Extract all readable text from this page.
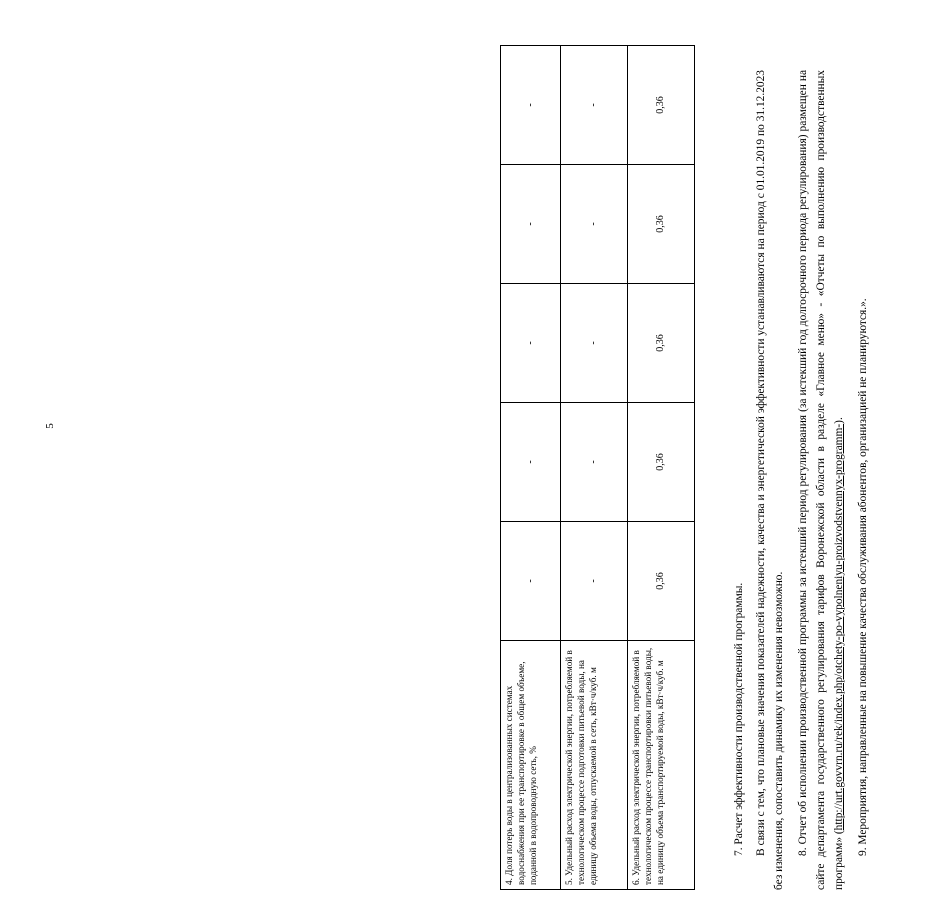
5
4. Доля потерь воды в централизованных системах водоснабжения при ее транспортировке в общем объеме, поданной в водопроводную сеть, %	-	-	-	-	-
5. Удельный расход электрической энергии, потребляемой в технологическом процессе подготовки питьевой воды, на единицу объема воды, отпускаемой в сеть, кВт·ч/куб. м	-	-	-	-	-
6. Удельный расход электрической энергии, потребляемой в технологическом процессе транспортировки питьевой воды, на единицу объема транспортируемой воды, кВт·ч/куб. м	0,36	0,36	0,36	0,36	0,36

7. Расчет эффективности производственной программы. В связи с тем, что плановые значения показателей надежности, качества и энергетической эффективности устанавливаются на период с 01.01.2019 по 31.12.2023 без изменения, сопоставить динамику их изменения невозможно. 8. Отчет об исполнении производственной программы за истекший период регулирования (за истекший год долгосрочного периода регулирования) размещен на сайте департамента государственного регулирования тарифов Воронежской области в разделе «Главное меню» - «Отчеты по выполнению производственных программ» (http://urt.govvrn.ru/rek/index.php/otchety-po-vypolneniyu-proizvodstvennyx-programm-). 9. Мероприятия, направленные на повышение качества обслуживания абонентов, организацией не планируются.».
